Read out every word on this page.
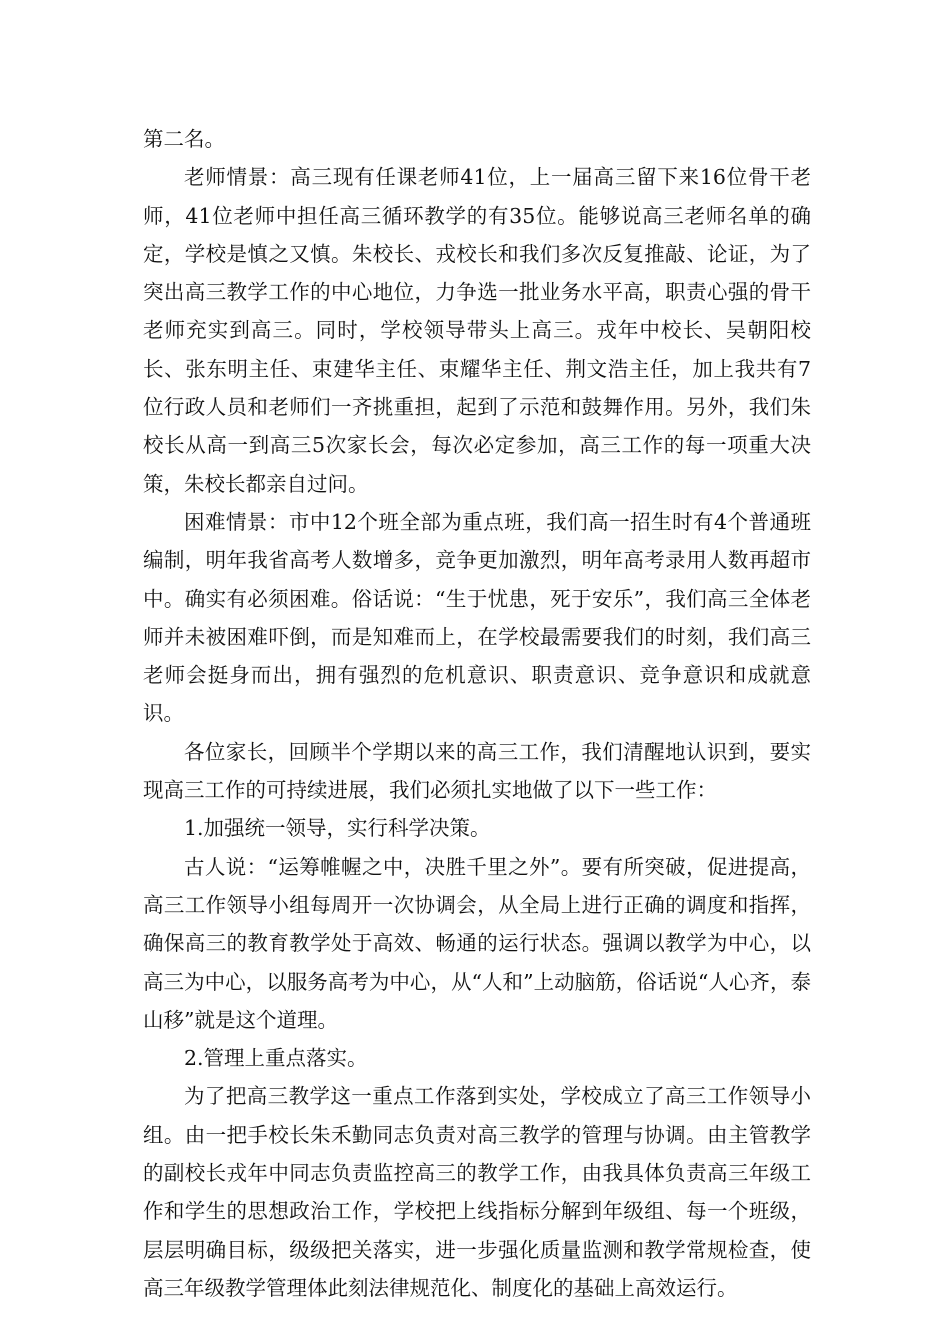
第二名。

老师情景：高三现有任课老师41位，上一届高三留下来16位骨干老师，41位老师中担任高三循环教学的有35位。能够说高三老师名单的确定，学校是慎之又慎。朱校长、戎校长和我们多次反复推敲、论证，为了突出高三教学工作的中心地位，力争选一批业务水平高，职责心强的骨干老师充实到高三。同时，学校领导带头上高三。戎年中校长、吴朝阳校长、张东明主任、束建华主任、束耀华主任、荆文浩主任，加上我共有7位行政人员和老师们一齐挑重担，起到了示范和鼓舞作用。另外，我们朱校长从高一到高三5次家长会，每次必定参加，高三工作的每一项重大决策，朱校长都亲自过问。

困难情景：市中12个班全部为重点班，我们高一招生时有4个普通班编制，明年我省高考人数增多，竞争更加激烈，明年高考录用人数再超市中。确实有必须困难。俗话说：“生于忧患，死于安乐”，我们高三全体老师并未被困难吓倒，而是知难而上，在学校最需要我们的时刻，我们高三老师会挺身而出，拥有强烈的危机意识、职责意识、竞争意识和成就意识。

各位家长，回顾半个学期以来的高三工作，我们清醒地认识到，要实现高三工作的可持续进展，我们必须扎实地做了以下一些工作：

1.加强统一领导，实行科学决策。

古人说：“运筹帷幄之中，决胜千里之外”。要有所突破，促进提高，高三工作领导小组每周开一次协调会，从全局上进行正确的调度和指挥，确保高三的教育教学处于高效、畅通的运行状态。强调以教学为中心，以高三为中心，以服务高考为中心，从“人和”上动脑筋，俗话说“人心齐，泰山移”就是这个道理。

2.管理上重点落实。

为了把高三教学这一重点工作落到实处，学校成立了高三工作领导小组。由一把手校长朱禾勤同志负责对高三教学的管理与协调。由主管教学的副校长戎年中同志负责监控高三的教学工作，由我具体负责高三年级工作和学生的思想政治工作，学校把上线指标分解到年级组、每一个班级，层层明确目标，级级把关落实，进一步强化质量监测和教学常规检查，使高三年级教学管理体此刻法律规范化、制度化的基础上高效运行。
